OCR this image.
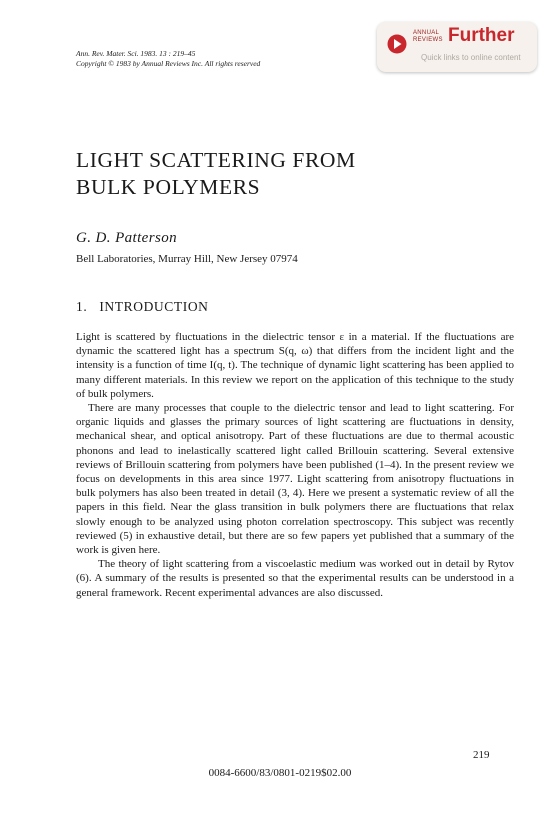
Ann. Rev. Mater. Sci. 1983. 13 : 219–45
Copyright © 1983 by Annual Reviews Inc. All rights reserved
ANNUAL
REVIEWS Further
Quick links to online content
LIGHT SCATTERING FROM
BULK POLYMERS
G. D. Patterson
Bell Laboratories, Murray Hill, New Jersey 07974
1. INTRODUCTION

Light is scattered by fluctuations in the dielectric tensor ε in a material. If the fluctuations are dynamic the scattered light has a spectrum S(q, ω) that differs from the incident light and the intensity is a function of time I(q, t). The technique of dynamic light scattering has been applied to many different materials. In this review we report on the application of this technique to the study of bulk polymers.

There are many processes that couple to the dielectric tensor and lead to light scattering. For organic liquids and glasses the primary sources of light scattering are fluctuations in density, mechanical shear, and optical anisotropy. Part of these fluctuations are due to thermal acoustic phonons and lead to inelastically scattered light called Brillouin scattering. Several extensive reviews of Brillouin scattering from polymers have been published (1–4). In the present review we focus on developments in this area since 1977. Light scattering from anisotropy fluctuations in bulk polymers has also been treated in detail (3, 4). Here we present a systematic review of all the papers in this field. Near the glass transition in bulk polymers there are fluctuations that relax slowly enough to be analyzed using photon correlation spectroscopy. This subject was recently reviewed (5) in exhaustive detail, but there are so few papers yet published that a summary of the work is given here.

The theory of light scattering from a viscoelastic medium was worked out in detail by Rytov (6). A summary of the results is presented so that the experimental results can be understood in a general framework. Recent experimental advances are also discussed.

219
0084-6600/83/0801-0219$02.00
